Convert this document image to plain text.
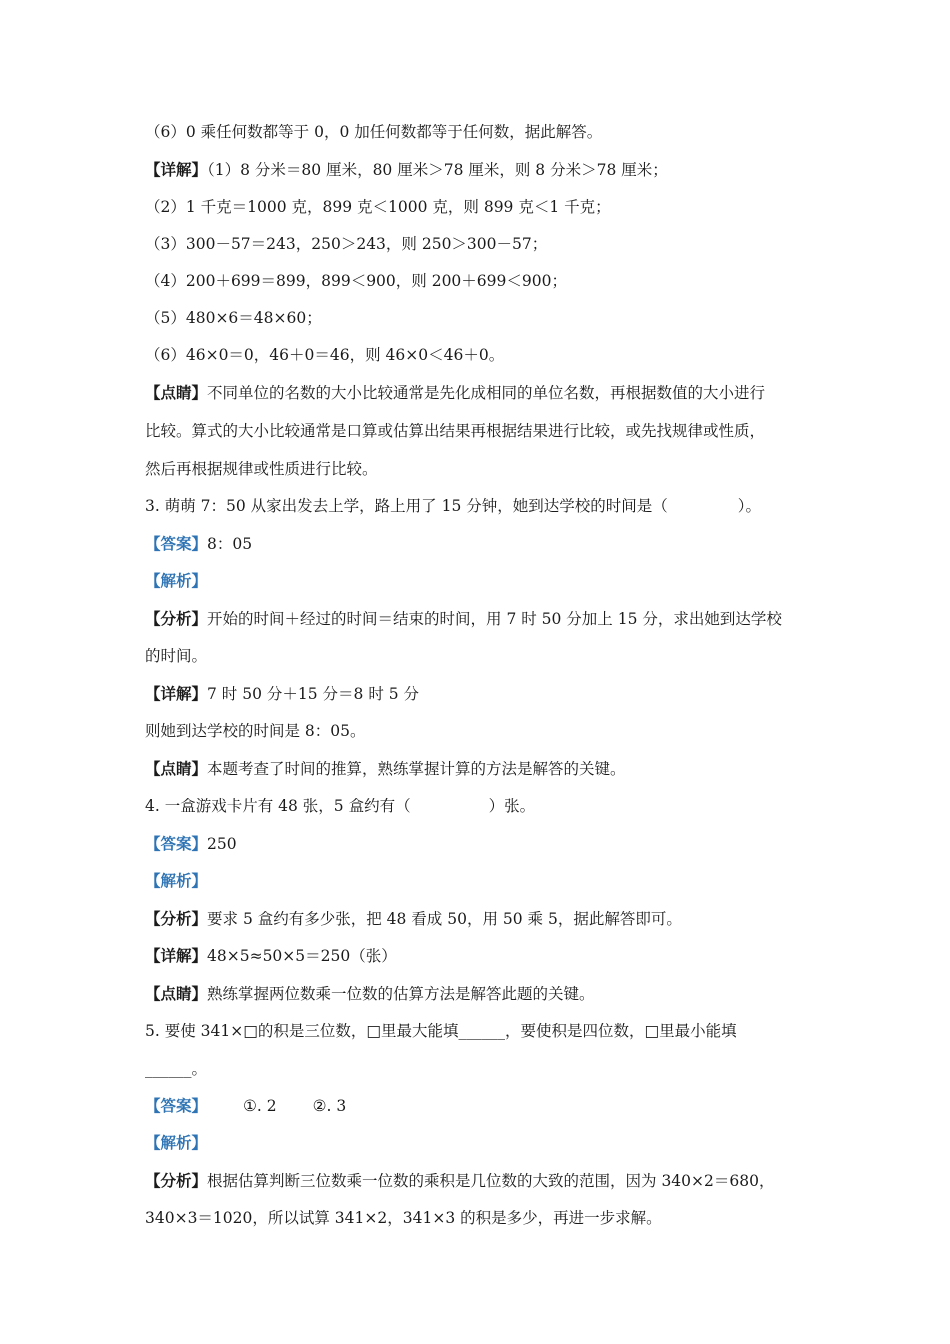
（6）0 乘任何数都等于 0，0 加任何数都等于任何数，据此解答。
【详解】（1）8 分米＝80 厘米，80 厘米＞78 厘米，则 8 分米＞78 厘米；
（2）1 千克＝1000 克，899 克＜1000 克，则 899 克＜1 千克；
（3）300－57＝243，250＞243，则 250＞300－57；
（4）200＋699＝899，899＜900，则 200＋699＜900；
（5）480×6＝48×60；
（6）46×0＝0，46＋0＝46，则 46×0＜46＋0。
【点睛】不同单位的名数的大小比较通常是先化成相同的单位名数，再根据数值的大小进行
比较。算式的大小比较通常是口算或估算出结果再根据结果进行比较，或先找规律或性质，
然后再根据规律或性质进行比较。
3. 萌萌 7：50 从家出发去上学，路上用了 15 分钟，她到达学校的时间是（	）。
【答案】8：05
【解析】
【分析】开始的时间＋经过的时间＝结束的时间，用 7 时 50 分加上 15 分，求出她到达学校
的时间。
【详解】7 时 50 分＋15 分＝8 时 5 分
则她到达学校的时间是 8：05。
【点睛】本题考查了时间的推算，熟练掌握计算的方法是解答的关键。
4. 一盒游戏卡片有 48 张，5 盒约有（	）张。
【答案】250
【解析】
【分析】要求 5 盒约有多少张，把 48 看成 50，用 50 乘 5，据此解答即可。
【详解】48×5≈50×5＝250（张）
【点睛】熟练掌握两位数乘一位数的估算方法是解答此题的关键。
5. 要使 341×□的积是三位数，□里最大能填______，要使积是四位数，□里最小能填
______。
【答案】 ①. 2 ②. 3
【解析】
【分析】根据估算判断三位数乘一位数的乘积是几位数的大致的范围，因为 340×2＝680，
340×3＝1020，所以试算 341×2，341×3 的积是多少，再进一步求解。
